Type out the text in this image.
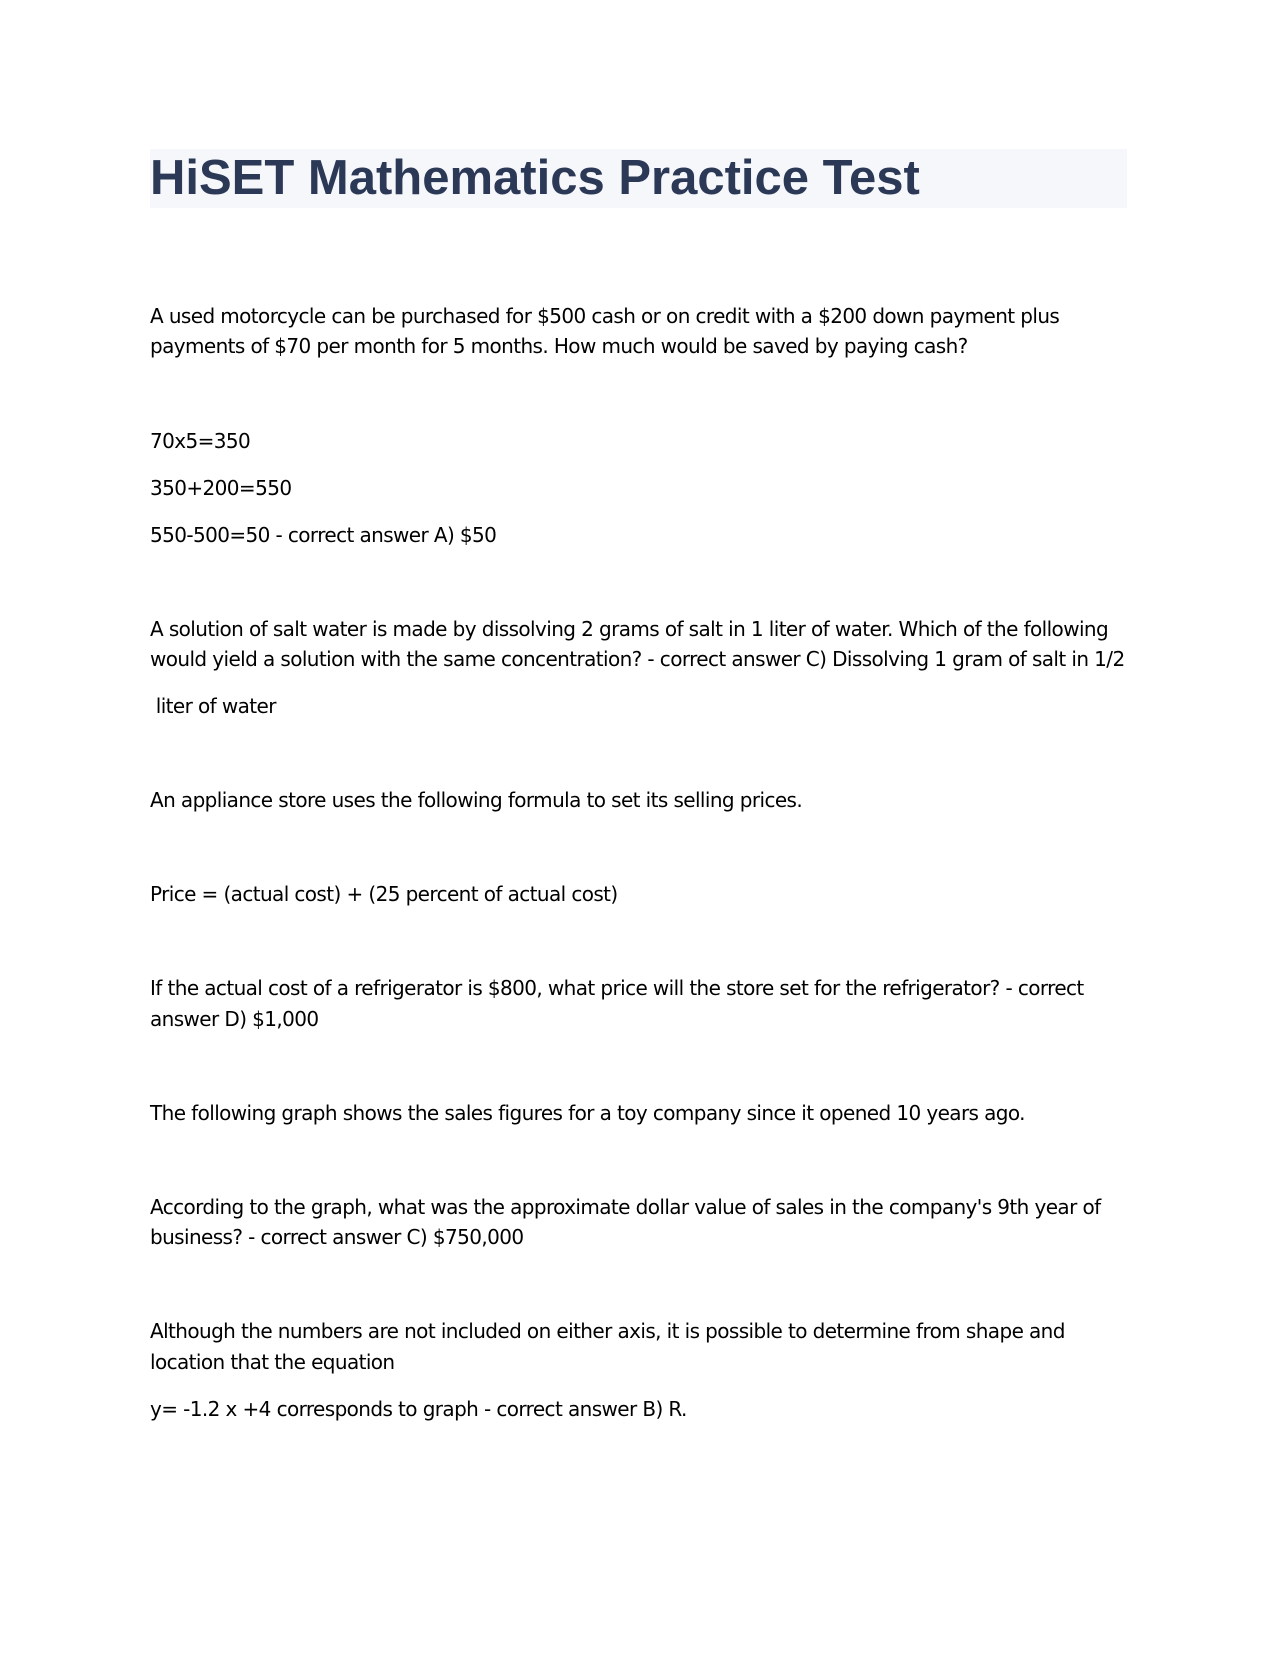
HiSET Mathematics Practice Test

A used motorcycle can be purchased for $500 cash or on credit with a $200 down payment plus

payments of $70 per month for 5 months. How much would be saved by paying cash?

70x5=350

350+200=550

550-500=50 - correct answer A) $50

A solution of salt water is made by dissolving 2 grams of salt in 1 liter of water. Which of the following

would yield a solution with the same concentration? - correct answer C) Dissolving 1 gram of salt in 1/2

liter of water

An appliance store uses the following formula to set its selling prices.

Price = (actual cost) + (25 percent of actual cost)

If the actual cost of a refrigerator is $800, what price will the store set for the refrigerator? - correct

answer D) $1,000

The following graph shows the sales figures for a toy company since it opened 10 years ago.

According to the graph, what was the approximate dollar value of sales in the company's 9th year of

business? - correct answer C) $750,000

Although the numbers are not included on either axis, it is possible to determine from shape and

location that the equation

y= -1.2 x +4 corresponds to graph - correct answer B) R.
